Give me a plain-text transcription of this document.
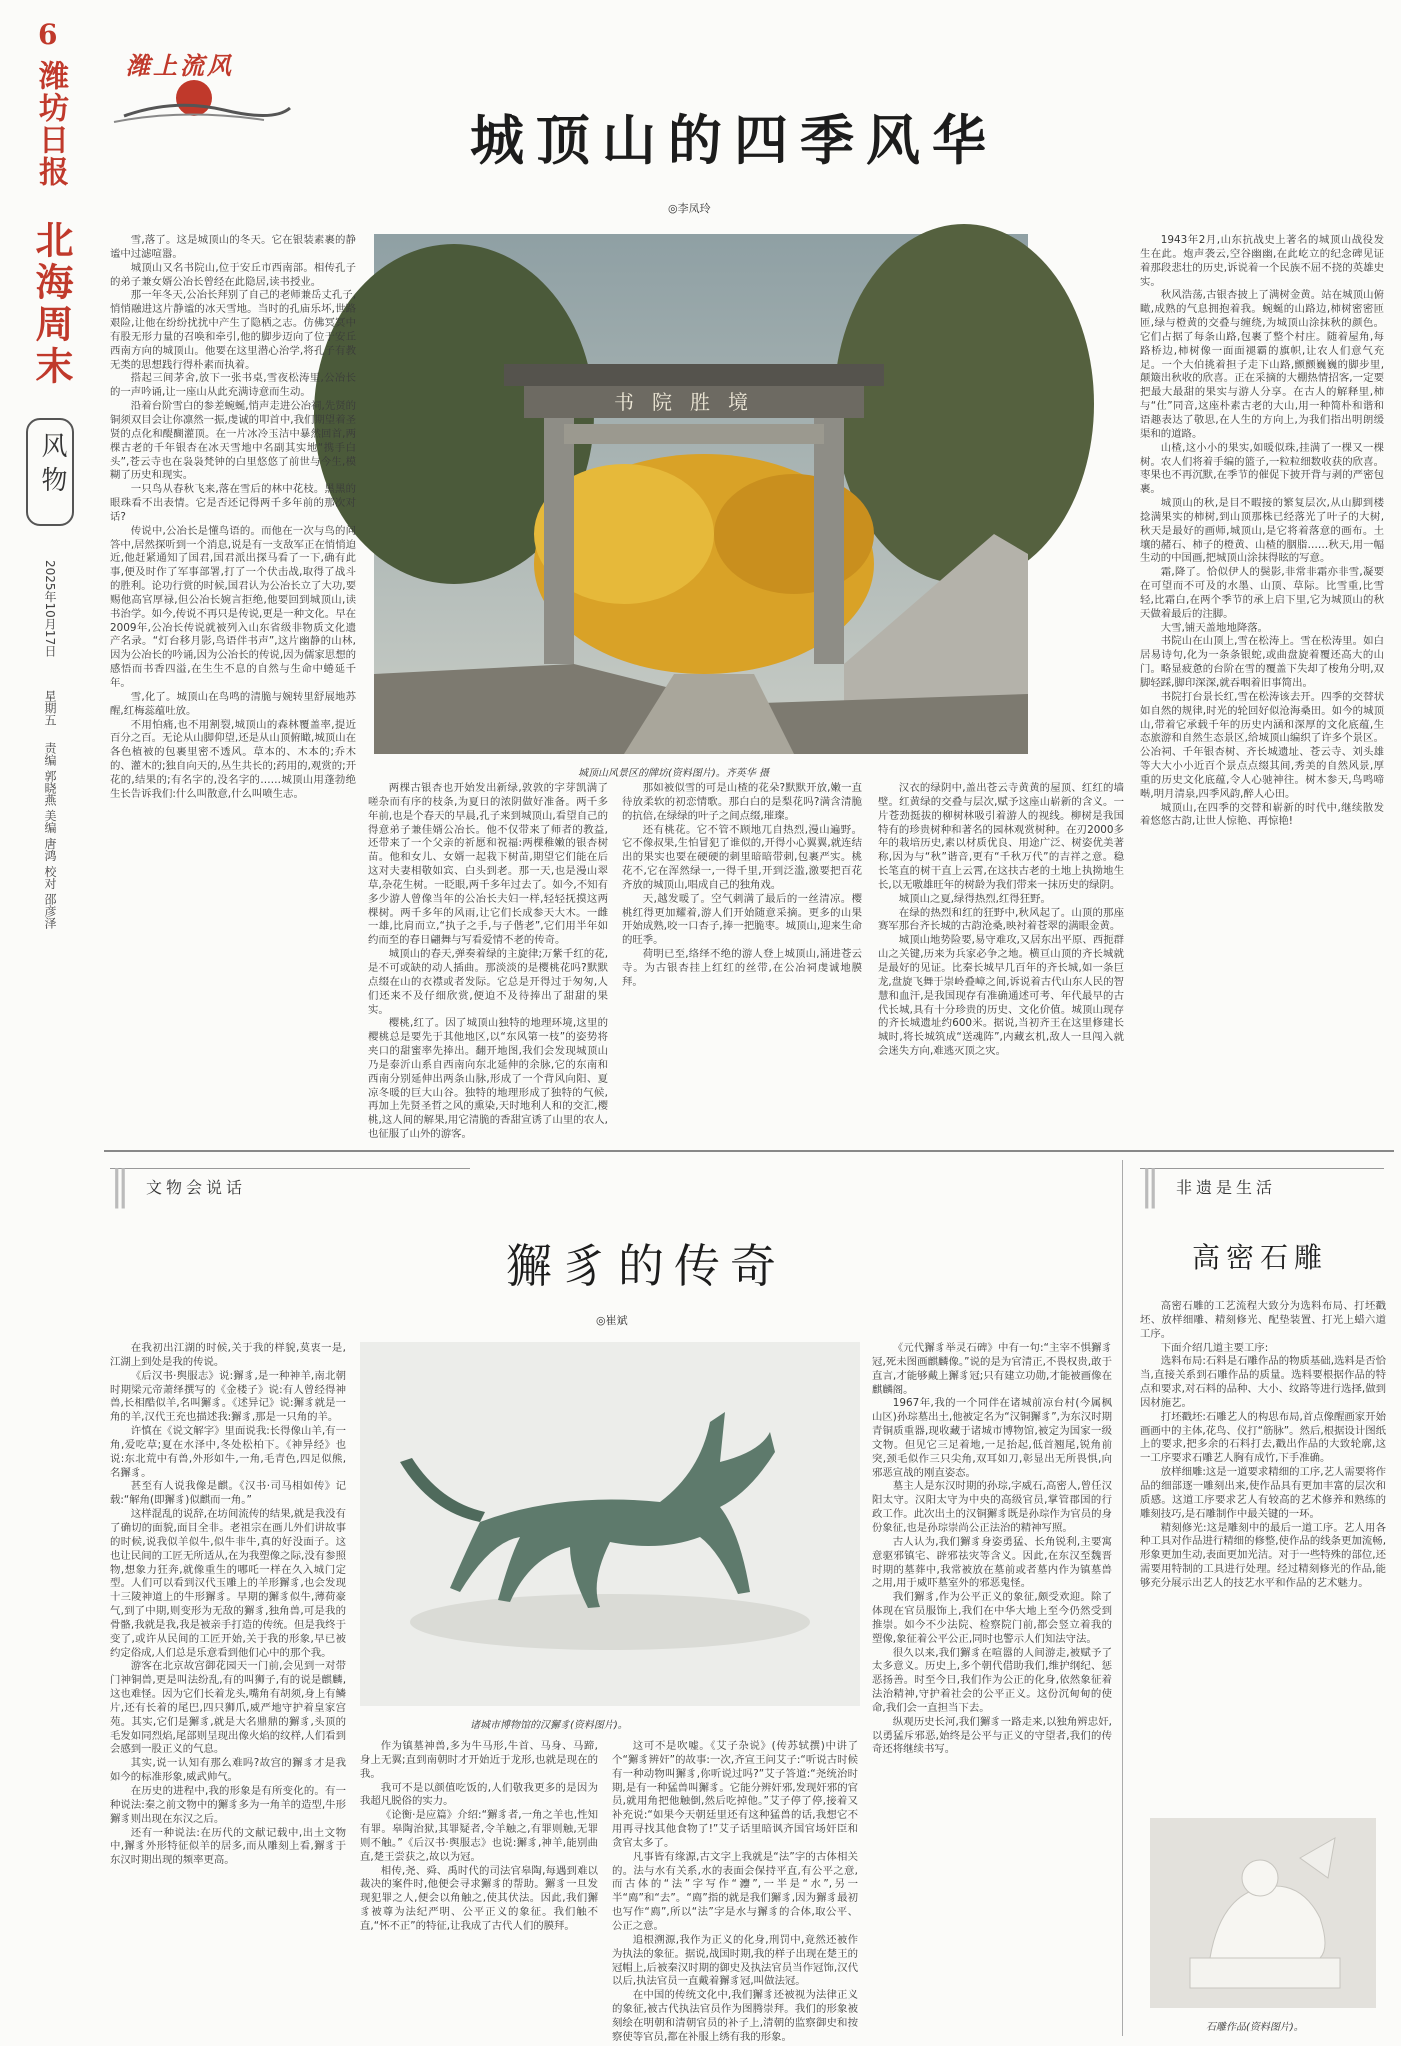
6
潍坊日报
北海周末
风物
2025年10月17日
星期五
责编 郭晓燕 美编 唐鸿 校对 邵彦泽
潍上流风
城顶山的四季风华
◎李凤玲
书院胜境
城顶山风景区的牌坊(资料图片)。齐英华 摄

雪,落了。这是城顶山的冬天。它在银装素裹的静谧中过滤喧嚣。

城顶山又名书院山,位于安丘市西南部。相传孔子的弟子兼女婿公冶长曾经在此隐居,读书授业。

那一年冬天,公冶长拜别了自己的老师兼岳丈孔子,悄悄融进这片静谧的冰天雪地。当时的孔庙乐坏,世路艰险,让他在纷纷扰扰中产生了隐栖之志。仿佛冥冥中有股无形力量的召唤和牵引,他的脚步迈向了位于安丘西南方向的城顶山。他要在这里潜心治学,将孔子有教无类的思想践行得朴素而执着。

搭起三间茅舍,放下一张书桌,雪夜松涛里,公冶长的一声吟诵,让一座山从此充满诗意而生动。

沿着台阶雪白的参差蜿蜒,悄声走进公冶祠,先贤的铜须双目会让你凛然一振,虔诚的叩首中,我们期望着圣贤的点化和醍醐灌顶。在一片冰冷玉洁中暴然回首,两棵古老的千年银杏在冰天雪地中名副其实地“携手白头”,苍云寺也在袅袅梵钟的白里悠悠了前世与今生,模糊了历史和现实。

一只鸟从春秋飞来,落在雪后的林中花枝。黑黑的眼珠看不出表情。它是否还记得两千多年前的那次对话?

传说中,公冶长是懂鸟语的。而他在一次与鸟的问答中,居然探听到一个消息,说是有一支敌军正在悄悄迫近,他赶紧通知了国君,国君派出探马看了一下,确有此事,便及时作了军事部署,打了一个伏击战,取得了战斗的胜利。论功行赏的时候,国君认为公冶长立了大功,要赐他高官厚禄,但公冶长婉言拒绝,他要回到城顶山,读书治学。如今,传说不再只是传说,更是一种文化。早在2009年,公冶长传说就被列入山东省级非物质文化遗产名录。“灯台移月影,鸟语伴书声”,这片幽静的山林,因为公冶长的吟诵,因为公冶长的传说,因为儒家思想的感悟而书香四溢,在生生不息的自然与生命中蜷延千年。

雪,化了。城顶山在鸟鸣的清脆与婉转里舒展地苏醒,红梅蕊蕴吐放。

不用怕痛,也不用割裂,城顶山的森林覆盖率,提近百分之百。无论从山脚仰望,还是从山顶俯瞰,城顶山在各色植被的包裹里密不透风。草本的、木本的;乔木的、灌木的;独自向天的,丛生共长的;药用的,观赏的;开花的,结果的;有名字的,没名字的……城顶山用蓬勃绝生长告诉我们:什么叫散意,什么叫喷生志。	两棵古银杏也开始发出新绿,敦敦的字芽凯满了嗟杂而有序的枝条,为夏日的浓阴做好准备。两千多年前,也是个春天的早晨,孔子来到城顶山,看望自己的得意弟子兼佳婿公冶长。他不仅带来了师者的教益,还带来了一个父亲的祈愿和祝福:两棵稚嫩的银杏树苗。他和女儿、女婿一起栽下树苗,期望它们能在后这对夫妻相敬如宾、白头到老。那一天,也是漫山翠草,杂花生树。一眨眼,两千多年过去了。如今,不知有多少游人曾像当年的公冶长夫妇一样,轻轻抚摸这两棵树。两千多年的风雨,让它们长成参天大木。一雌一雄,比肩而立,“执子之手,与子偕老”,它们用半年如约而至的春日翩舞与写看爱情不老的传奇。

城顶山的春天,弹奏着绿的主旋律;万紫千红的花,是不可或缺的动人插曲。那淡淡的是樱桃花吗?默默点缀在山的衣襟或者发际。它总是开得过于匆匆,人们还来不及仔细欣赏,便迫不及待捧出了甜甜的果实。

樱桃,红了。因了城顶山独特的地理环境,这里的樱桃总是要先于其他地区,以“东风第一枝”的姿势将夹口的甜蜜率先捧出。翻开地图,我们会发现城顶山乃是泰沂山系自西南向东北延伸的余脉,它的东南和西南分别延伸出两条山脉,形成了一个背风向阳、夏凉冬暖的巨大山谷。独特的地理形成了独特的气候,再加上先贤圣哲之风的熏染,天时地利人和的交汇,樱桃,这人间的解果,用它清脆的香甜宣诱了山里的农人,也征服了山外的游客。

那如被似雪的可是山楂的花朵?默默开放,嫩一直待放柔软的初恋情歌。那白白的是梨花吗?满含清脆的抗倍,在绿绿的叶子之间点缀,璀璨。

还有桃花。它不管不顾地兀自热烈,漫山遍野。它不像叔果,生怕冒犯了谁似的,开得小心翼翼,就连结出的果实也要在硬硬的刺里暗暗带刺,包裹严实。桃花不,它在浑然绿一,一得千里,开到泛滥,激要把百花齐放的城顶山,唱成自己的独角戏。

天,越发暖了。空气刺满了最后的一丝清凉。樱桃红得更加耀着,游人们开始随意采摘。更多的山果开始成熟,咬一口杏子,捧一把脆枣。城顶山,迎来生命的旺季。

荷明已至,络绎不绝的游人登上城顶山,涌进苍云寺。为古银杏挂上红红的丝带,在公冶祠虔诚地膜拜。

汉衣的绿阴中,盖出苍云寺黄黄的屋顶、红红的墙壁。红黄绿的交叠与层次,赋予这座山崭新的含义。一片苍劲挺拔的柳树林吸引着游人的视线。柳树是我国特有的珍贵树种和著名的园林观赏树种。在刃2000多年的栽培历史,素以材质优良、用途广泛、树姿优美著称,因为与“秋”谐音,更有“千秋万代”的吉祥之意。稳长笔直的树干直上云霄,在这扶古老的土地上执拗地生长,以无嗷雄旺年的树龄为我们带来一抹历史的绿阴。

城顶山之夏,绿得热烈,红得狂野。

在绿的热烈和红的狂野中,秋风起了。山顶的那座赛军那台齐长城的古韵沧桑,映衬着苍翠的满眼金黄。

城顶山地势险要,易守难攻,又居东出平原、西扼群山之关键,历来为兵家必争之地。横亘山顶的齐长城就是最好的见证。比秦长城早几百年的齐长城,如一条巨龙,盘旋飞舞于崇岭叠嶂之间,诉说着古代山东人民的智慧和血汗,是我国现存有准确通述可考、年代最早的古代长城,具有十分珍贵的历史、文化价值。城顶山现存的齐长城遗址约600米。据说,当初齐王在这里修建长城时,将长城筑成“送魂阵”,内藏玄机,敌人一旦闯入就会迷失方向,难逃灭顶之灾。

1943年2月,山东抗战史上著名的城顶山战役发生在此。炮声袭云,空谷幽幽,在此屹立的纪念碑见证着那段悲壮的历史,诉说着一个民族不屈不挠的英雄史实。

秋风浩荡,古银杏披上了满树金黄。站在城顶山俯瞰,成熟的气息拥抱着我。蜿蜒的山路边,柿树密密匝匝,绿与橙黄的交叠与缠绕,为城顶山涂抹秋的颜色。它们占据了每条山路,包裹了整个村庄。随着屋角,每路桥边,柿树像一面面褪霸的旗帜,让农人们意气充足。一个大伯挑着担子走下山路,颤颤巍巍的脚步里,颠簸出秋收的欣喜。正在采摘的大棚热情招客,一定要把最大最甜的果实与游人分享。在古人的解释里,柿与“仕”同音,这座朴素古老的大山,用一种简朴和谐和语趣表达了敬思,在人生的方向上,为我们指出明朗缓渠和的道路。

山楂,这小小的果实,如暖似珠,挂满了一棵又一棵树。农人们将着手编的篮子,一粒粒细数收获的欣喜。枣果也不再沉默,在季节的催促下披开背与剥的严密包裹。

城顶山的秋,是目不暇接的繁复层次,从山脚到楼捻满果实的柿树,到山顶那株已经落光了叶子的大树,秋天是最好的画师,城顶山,是它将着落意的画布。土壤的赭石、柿子的橙黄、山楂的胭脂……秋天,用一幅生动的中国画,把城顶山涂抹得眩的写意。

霜,降了。恰似伊人的鬓影,非常非霜亦非雪,凝要在可望而不可及的水墨、山顶、草际。比雪重,比雪轻,比霜白,在两个季节的承上启下里,它为城顶山的秋天做着最后的注脚。

大雪,铺天盖地地降落。

书院山在山顶上,雪在松涛上。雪在松涛里。如白居易诗句,化为一条条银蛇,或曲盘旋着覆还高大的山门。略显疲惫的台阶在雪的覆盖下失却了梭角分明,双脚轻踩,脚印深深,就吞咽着旧事简出。

书院打台景长红,雪在松涛该去开。四季的交替状如自然的规律,时光的轮回好似沧海桑田。如今的城顶山,带着它承载千年的历史内涵和深厚的文化底蕴,生态旅游和自然生态景区,给城顶山编织了许多个景区。公冶祠、千年银杏树、齐长城遗址、苍云寺、刘头雄等大大小小近百个景点点缀其间,秀美的自然风景,厚重的历史文化底蕴,令人心驰神往。树木参天,鸟鸣啼啭,明月清泉,四季风韵,醉人心田。

城顶山,在四季的交替和崭新的时代中,继续散发着悠悠古韵,让世人惊艳、再惊艳!

‖ 文物会说话
獬豸的传奇
◎崔斌
诸城市博物馆的汉獬豸(资料图片)。

在我初出江湖的时候,关于我的样貌,莫衷一是,江湖上到处是我的传说。

《后汉书·舆服志》说:獬豸,是一种神羊,南北朝时期梁元帝萧绎撰写的《金楼子》说:有人曾经得神兽,长相酷似羊,名叫獬豸。《述异记》说:獬豸就是一角的羊,汉代王充也描述我:獬豸,那是一只角的羊。

许慎在《说文解字》里面说我:长得像山羊,有一角,爱吃草;夏在水泽中,冬处松柏下。《神异经》也说:东北荒中有兽,外形如牛,一角,毛青色,四足似熊,名獬豸。

甚至有人说我像是麒。《汉书·司马相如传》记载:“解角(即獬豸)似麒而一角。”

这样混乱的说辞,在坊间流传的结果,就是我没有了确切的面貌,面目全非。老祖宗在画儿外们讲故事的时候,说我似羊似牛,似牛非牛,真的好没面子。这也让民间的工匠无所适从,在为我塑像之际,没有参照物,想象力狂奔,就像重生的哪吒一样在久入城门定型。人们可以看到汉代玉雕上的羊形獬豸,也会发现十三陵神道上的牛形獬豸。早期的獬豸似牛,薄荷豪气,到了中期,则变形为无敌的獬豸,独角兽,可是我的骨骼,我就是我,我是被亲手打造的传统。但是我终于变了,或许从民间的工匠开始,关于我的形象,早已被约定俗成,人们总是乐意看到他们心中的那个我。

游客在北京故宫御花园天一门前,会见到一对带门神铜兽,更是叫法纷乱,有的叫狮子,有的说是麒麟,这也难怪。因为它们长着龙头,嘴角有胡须,身上有鳞片,还有长着的尾巴,四只狮爪,威严地守护着皇家宫苑。其实,它们是獬豸,就是大名鼎鼎的獬豸,头顶的毛发如同烈焰,尾部则呈现出像火焰的纹样,人们看到会感到一股正义的气息。

其实,说一认知有那么难吗?故宫的獬豸才是我如今的标准形象,威武帅气。

在历史的进程中,我的形象是有所变化的。有一种说法:秦之前文物中的獬豸多为一角羊的造型,牛形獬豸则出现在东汉之后。

还有一种说法:在历代的文献记载中,出土文物中,獬豸外形特征似羊的居多,而从雕刻上看,獬豸于东汉时期出现的频率更高。

作为镇墓神兽,多为牛马形,牛首、马身、马蹄,身上无翼;直到南朝时才开始近于龙形,也就是现在的我。

我可不是以颜值吃饭的,人们敬我更多的是因为我超凡脱俗的实力。

《论衡·是应篇》介绍:“獬豸者,一角之羊也,性知有罪。皋陶治狱,其罪疑者,令羊触之,有罪则触,无罪则不触。”《后汉书·舆服志》也说:獬豸,神羊,能别曲直,楚王尝获之,故以为冠。

相传,尧、舜、禹时代的司法官皋陶,每遇到难以裁决的案件时,他便会寻求獬豸的帮助。獬豸一旦发现犯罪之人,便会以角触之,使其伏法。因此,我们獬豸被尊为法纪严明、公平正义的象征。我们触不直,“怀不正”的特征,让我成了古代人们的膜拜。

这可不是吹嘘。《艾子杂说》(传苏轼撰)中讲了个“獬豸辨奸”的故事:一次,齐宣王问艾子:“听说古时候有一种动物叫獬豸,你听说过吗?”艾子答道:“尧统治时期,是有一种猛兽叫獬豸。它能分辨奸邪,发现奸邪的官员,就用角把他触倒,然后吃掉他。”艾子停了停,接着又补充说:“如果今天朝廷里还有这种猛兽的话,我想它不用再寻找其他食物了!”艾子话里暗讽齐国官场奸臣和贪官太多了。

凡事皆有缘源,古文字上我就是“法”字的古体相关的。法与水有关系,水的表面会保持平直,有公平之意,而古体的“法”字写作“灋”,一半是“水”,另一半“廌”和“去”。“廌”指的就是我们獬豸,因为獬豸最初也写作“廌”,所以“法”字是水与獬豸的合体,取公平、公正之意。

追根溯源,我作为正义的化身,刑罚中,竟然还被作为执法的象征。据说,战国时期,我的样子出现在楚王的冠帽上,后被秦汉时期的御史及执法官员当作冠饰,汉代以后,执法官员一直戴着獬豸冠,叫做法冠。

在中国的传统文化中,我们獬豸还被视为法律正义的象征,被古代执法官员作为图腾崇拜。我们的形象被刻绘在明朝和清朝官员的补子上,清朝的监察御史和按察使等官员,都在补服上绣有我的形象。

《元代獬豸举灵石碑》中有一句:“主宰不惧獬豸冠,死未图画麒麟像。”说的是为官清正,不畏权贵,敢于直言,才能够戴上獬豸冠;只有建立功勋,才能被画像在麒麟阁。

1967年,我的一个同伴在诸城前凉台村(今属枫山区)孙琮墓出土,他被定名为“汉铜獬豸”,为东汉时期青铜质重器,现收藏于诸城市博物馆,被定为国家一级文物。但见它三足着地,一足抬起,低首翘尾,锐角前突,颈毛似作三只尖角,双耳如刀,彰显出无所畏惧,向邪恶宣战的刚直姿态。

墓主人是东汉时期的孙琮,字威石,高密人,曾任汉阳太守。汉阳太守为中央的高级官员,掌管郡国的行政工作。此次出土的汉铜獬豸既是孙琮作为官员的身份象征,也是孙琮崇尚公正法治的精神写照。

古人认为,我们獬豸身姿勇猛、长角锐利,主要寓意驱邪镇宅、辟邪祛灾等含义。因此,在东汉至魏晋时期的墓葬中,我常被放在墓前或者墓内作为镇墓兽之用,用于威吓墓室外的邪恶鬼怪。

我们獬豸,作为公平正义的象征,颇受欢迎。除了体现在官员服饰上,我们在中华大地上至今仍然受到推崇。如今不少法院、检察院门前,都会竖立着我的塑像,象征着公平公正,同时也警示人们知法守法。

很久以来,我们獬豸在喧嚣的人间游走,被赋予了太多意义。历史上,多个朝代借助我们,维护纲纪、惩恶扬善。时至今日,我们作为公正的化身,依然象征着法治精神,守护着社会的公平正义。这份沉甸甸的使命,我们会一直担当下去。

纵观历史长河,我们獬豸一路走来,以独角辨忠奸,以勇猛斥邪恶,始终是公平与正义的守望者,我们的传奇还将继续书写。

‖ 非遗是生活
高密石雕

高密石雕的工艺流程大致分为选料布局、打坯戳坯、放样细雕、精刻修光、配垫装置、打光上蜡六道工序。

下面介绍几道主要工序:

选料布局:石料是石雕作品的物质基础,选料是否恰当,直接关系到石雕作品的质量。选料要根据作品的特点和要求,对石料的品种、大小、纹路等进行选择,做到因材施艺。

打坯戳坯:石雕艺人的构思布局,首点像醒画家开始画画中的主体,花鸟、仪打“筋脉”。然后,根据设计图纸上的要求,把多余的石料打去,戳出作品的大致轮廓,这一工序要求石雕艺人胸有成竹,下手准确。

放样细雕:这是一道要求精细的工序,艺人需要将作品的细部逐一雕刻出来,使作品具有更加丰富的层次和质感。这道工序要求艺人有较高的艺术修养和熟练的雕刻技巧,是石雕制作中最关键的一环。

精刻修光:这是雕刻中的最后一道工序。艺人用各种工具对作品进行精细的修整,使作品的线条更加流畅,形象更加生动,表面更加光洁。对于一些特殊的部位,还需要用特制的工具进行处理。经过精刻修光的作品,能够充分展示出艺人的技艺水平和作品的艺术魅力。

石雕作品(资料图片)。
